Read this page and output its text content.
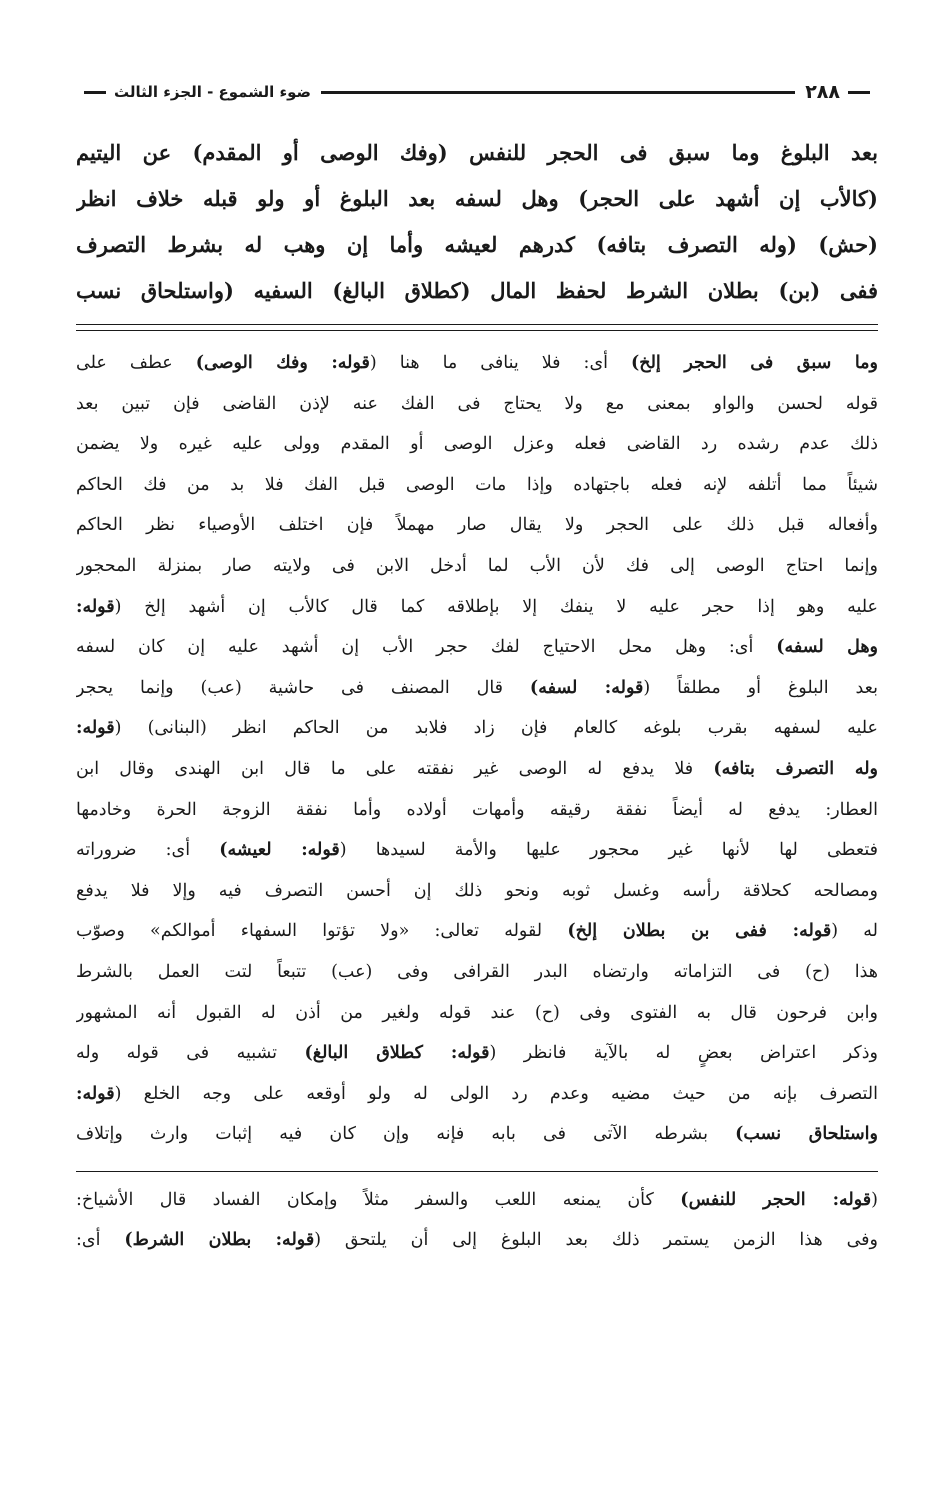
٢٨٨
ضوء الشموع - الجزء الثالث

بعد البلوغ وما سبق فى الحجر للنفس (وفك الوصى أو المقدم) عن اليتيم

(كالأب إن أشهد على الحجر) وهل لسفه بعد البلوغ أو ولو قبله خلاف انظر

(حش) (وله التصرف بتافه) كدرهم لعيشه وأما إن وهب له بشرط التصرف

ففى (بن) بطلان الشرط لحفظ المال (كطلاق البالغ) السفيه (واستلحاق نسب

وما سبق فى الحجر إلخ) أى: فلا ينافى ما هنا (قوله: وفك الوصى) عطف على

قوله لحسن والواو بمعنى مع ولا يحتاج فى الفك عنه لإذن القاضى فإن تبين بعد

ذلك عدم رشده رد القاضى فعله وعزل الوصى أو المقدم وولى عليه غيره ولا يضمن

شيئاً مما أتلفه لإنه فعله باجتهاده وإذا مات الوصى قبل الفك فلا بد من فك الحاكم

وأفعاله قبل ذلك على الحجر ولا يقال صار مهملاً فإن اختلف الأوصياء نظر الحاكم

وإنما احتاج الوصى إلى فك لأن الأب لما أدخل الابن فى ولايته صار بمنزلة المحجور

عليه وهو إذا حجر عليه لا ينفك إلا بإطلاقه كما قال كالأب إن أشهد إلخ (قوله:

وهل لسفه) أى: وهل محل الاحتياج لفك حجر الأب إن أشهد عليه إن كان لسفه

بعد البلوغ أو مطلقاً (قوله: لسفه) قال المصنف فى حاشية (عب) وإنما يحجر

عليه لسفهه بقرب بلوغه كالعام فإن زاد فلابد من الحاكم انظر (البنانى) (قوله:

وله التصرف بتافه) فلا يدفع له الوصى غير نفقته على ما قال ابن الهندى وقال ابن

العطار: يدفع له أيضاً نفقة رقيقه وأمهات أولاده وأما نفقة الزوجة الحرة وخادمها

فتعطى لها لأنها غير محجور عليها والأمة لسيدها (قوله: لعيشه) أى: ضروراته

ومصالحه كحلاقة رأسه وغسل ثوبه ونحو ذلك إن أحسن التصرف فيه وإلا فلا يدفع

له (قوله: ففى بن بطلان إلخ) لقوله تعالى: «ولا تؤتوا السفهاء أموالكم» وصوّب

هذا (ح) فى التزاماته وارتضاه البدر القرافى وفى (عب) تتبعاً لتت العمل بالشرط

وابن فرحون قال به الفتوى وفى (ح) عند قوله ولغير من أذن له القبول أنه المشهور

وذكر اعتراض بعضٍ له بالآية فانظر (قوله: كطلاق البالغ) تشبيه فى قوله وله

التصرف بإنه من حيث مضيه وعدم رد الولى له ولو أوقعه على وجه الخلع (قوله:

واستلحاق نسب) بشرطه الآتى فى بابه فإنه وإن كان فيه إثبات وارث وإتلاف

(قوله: الحجر للنفس) كأن يمنعه اللعب والسفر مثلاً وإمكان الفساد قال الأشياخ:

وفى هذا الزمن يستمر ذلك بعد البلوغ إلى أن يلتحق (قوله: بطلان الشرط) أى:
